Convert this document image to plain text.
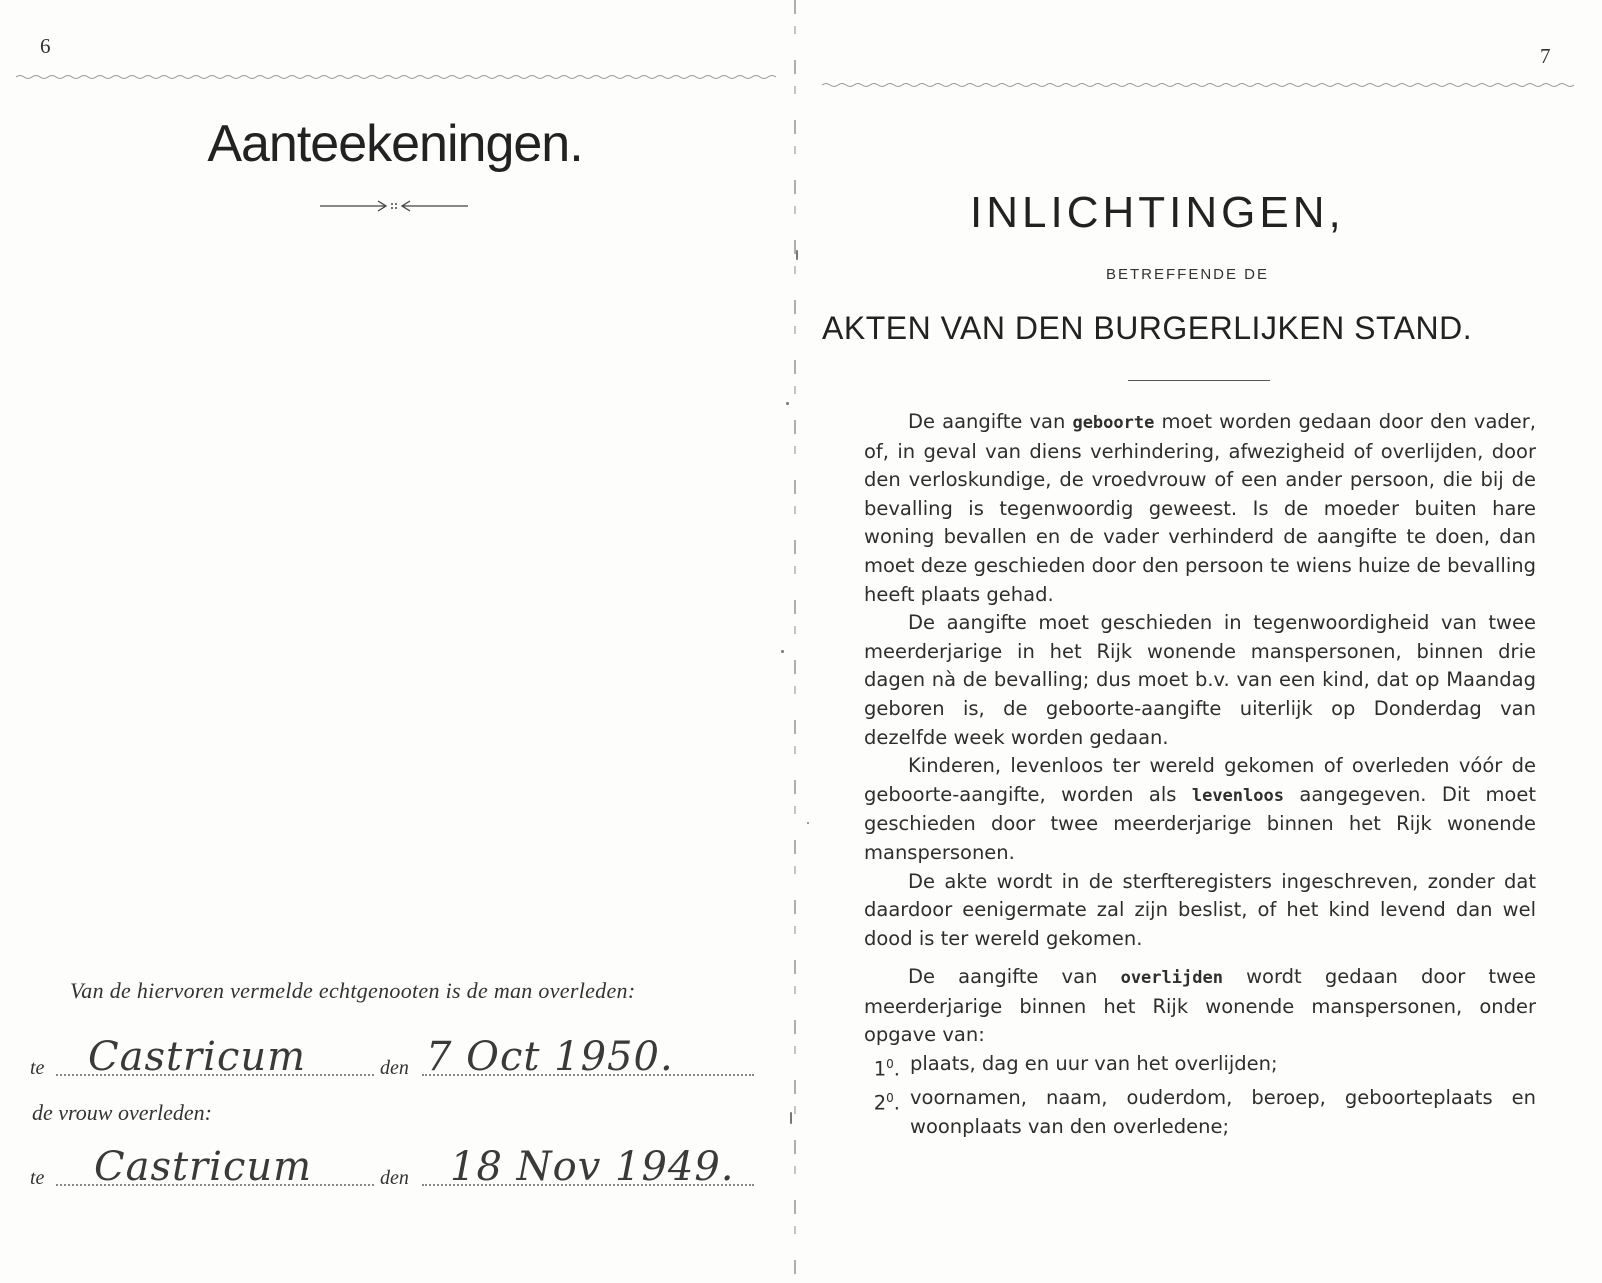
6
Aanteekeningen.
Van de hiervoren vermelde echtgenooten is de man overleden:
te Castricum	den 7 Oct 1950.
de vrouw overleden:
te Castricum	den 18 Nov 1949.
7
INLICHTINGEN,
BETREFFENDE DE
AKTEN VAN DEN BURGERLIJKEN STAND.

De aangifte van geboorte moet worden gedaan door den vader, of, in geval van diens verhindering, afwezigheid of overlijden, door den verloskundige, de vroedvrouw of een ander persoon, die bij de bevalling is tegenwoordig geweest. Is de moeder buiten hare woning bevallen en de vader verhinderd de aangifte te doen, dan moet deze geschieden door den persoon te wiens huize de bevalling heeft plaats gehad.

De aangifte moet geschieden in tegenwoordigheid van twee meerderjarige in het Rijk wonende manspersonen, binnen drie dagen nà de bevalling; dus moet b.v. van een kind, dat op Maandag geboren is, de geboorte-aangifte uiterlijk op Donderdag van dezelfde week worden gedaan.

Kinderen, levenloos ter wereld gekomen of overleden vóór de geboorte-aangifte, worden als levenloos aangegeven. Dit moet geschieden door twee meerderjarige binnen het Rijk wonende manspersonen.

De akte wordt in de sterfteregisters ingeschreven, zonder dat daardoor eenigermate zal zijn beslist, of het kind levend dan wel dood is ter wereld gekomen.

De aangifte van overlijden wordt gedaan door twee meerderjarige binnen het Rijk wonende manspersonen, onder opgave van:

$1^0$. plaats, dag en uur van het overlijden;
$2^0$. voornamen, naam, ouderdom, beroep, geboorteplaats en woonplaats van den overledene;
